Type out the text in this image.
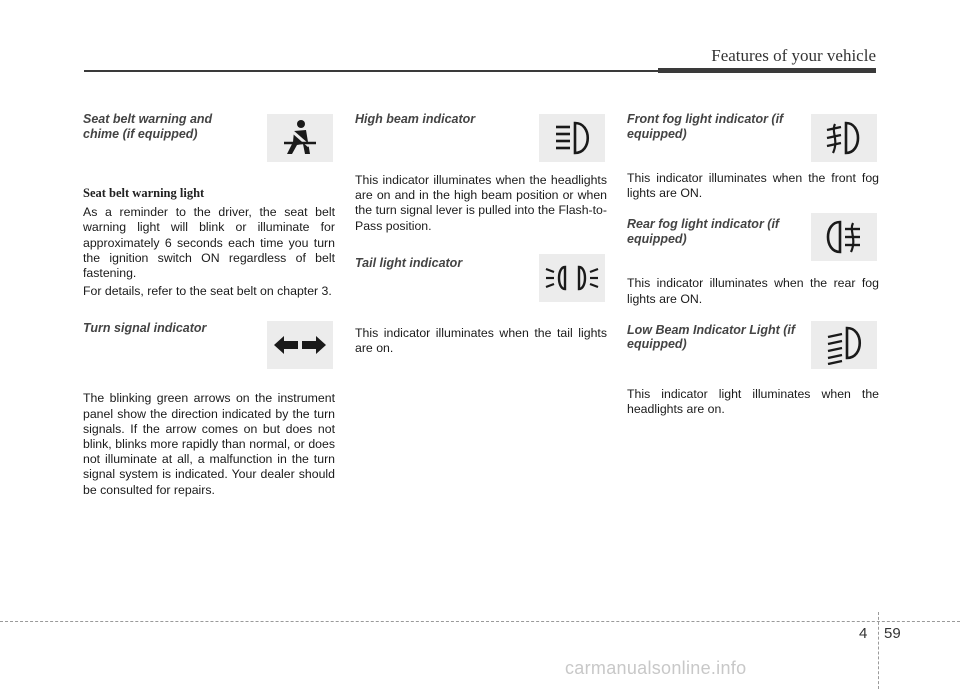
Features of your vehicle

Seat belt warning and chime (if equipped)

Seat belt warning light

As a reminder to the driver, the seat belt warning light will blink or illuminate for approximately 6 seconds each time you turn the ignition switch ON regardless of belt fastening.

For details, refer to the seat belt on chapter 3.

Turn signal indicator

The blinking green arrows on the instrument panel show the direction indicated by the turn signals. If the arrow comes on but does not blink, blinks more rapidly than normal, or does not illuminate at all, a malfunction in the turn signal system is indicated. Your dealer should be consulted for repairs.

High beam indicator

This indicator illuminates when the headlights are on and in the high beam position or when the turn signal lever is pulled into the Flash-to-Pass position.

Tail light indicator

This indicator illuminates when the tail lights are on.

Front fog light indicator (if equipped)

This indicator illuminates when the front fog lights are ON.

Rear fog light indicator (if equipped)

This indicator illuminates when the rear fog lights are ON.

Low Beam Indicator Light (if equipped)

This indicator light illuminates when the headlights are on.

4 59
carmanualsonline.info
